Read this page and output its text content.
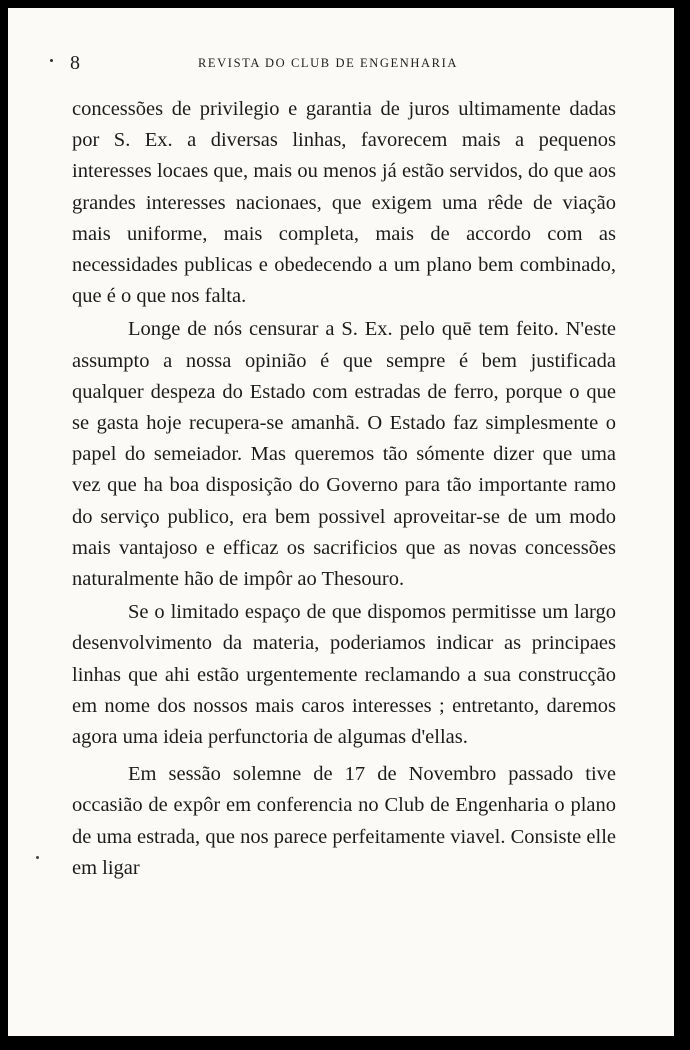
8	REVISTA DO CLUB DE ENGENHARIA

concessões de privilegio e garantia de juros ultimamente dadas por S. Ex. a diversas linhas, favorecem mais a pequenos interesses locaes que, mais ou menos já estão servidos, do que aos grandes interesses nacionaes, que exigem uma rêde de viação mais uniforme, mais completa, mais de accordo com as necessidades publicas e obedecendo a um plano bem combinado, que é o que nos falta.

Longe de nós censurar a S. Ex. pelo quē tem feito. N'este assumpto a nossa opinião é que sempre é bem justificada qualquer despeza do Estado com estradas de ferro, porque o que se gasta hoje recupera-se amanhã. O Estado faz simplesmente o papel do semeiador. Mas queremos tão sómente dizer que uma vez que ha boa disposição do Governo para tão importante ramo do serviço publico, era bem possivel aproveitar-se de um modo mais vantajoso e efficaz os sacrificios que as novas concessões naturalmente hão de impôr ao Thesouro.

Se o limitado espaço de que dispomos permitisse um largo desenvolvimento da materia, poderiamos indicar as principaes linhas que ahi estão urgentemente reclamando a sua construcção em nome dos nossos mais caros interesses ; entretanto, daremos agora uma ideia perfunctoria de algumas d'ellas.

Em sessão solemne de 17 de Novembro passado tive occasião de expôr em conferencia no Club de Engenharia o plano de uma estrada, que nos parece perfeitamente viavel. Consiste elle em ligar
